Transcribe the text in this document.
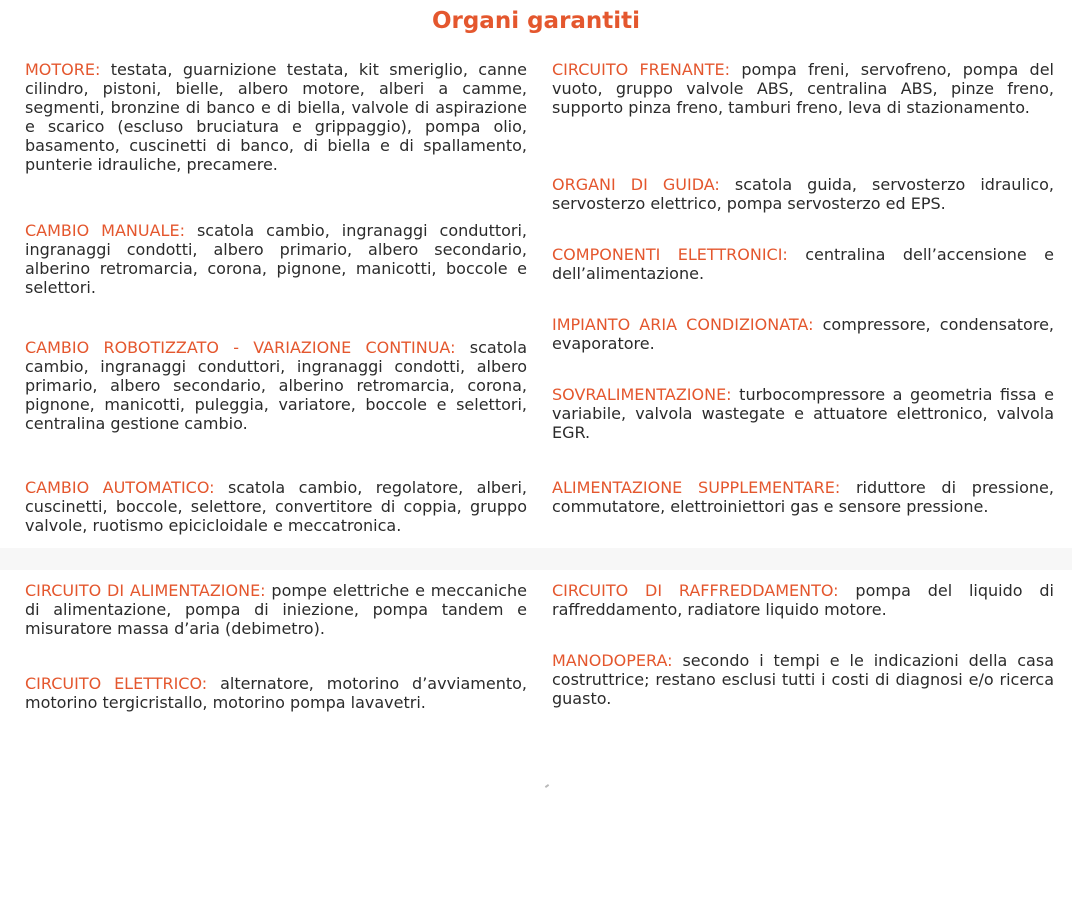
Organi garantiti
MOTORE: testata, guarnizione testata, kit smeriglio, canne cilindro, pistoni, bielle, albero motore, alberi a camme, segmenti, bronzine di banco e di biella, valvole di aspirazione e scarico (escluso bruciatura e grippaggio), pompa olio, basamento, cuscinetti di banco, di biella e di spallamento, punterie idrauliche, precamere.
CAMBIO MANUALE: scatola cambio, ingranaggi conduttori, ingranaggi condotti, albero primario, albero secondario, alberino retromarcia, corona, pignone, manicotti, boccole e selettori.
CAMBIO ROBOTIZZATO - VARIAZIONE CONTINUA: scatola cambio, ingranaggi conduttori, ingranaggi condotti, albero primario, albero secondario, alberino retromarcia, corona, pignone, manicotti, puleggia, variatore, boccole e selettori, centralina gestione cambio.
CAMBIO AUTOMATICO: scatola cambio, regolatore, alberi, cuscinetti, boccole, selettore, convertitore di coppia, gruppo valvole, ruotismo epicicloidale e meccatronica.
CIRCUITO DI ALIMENTAZIONE: pompe elettriche e meccaniche di alimentazione, pompa di iniezione, pompa tandem e misuratore massa d’aria (debimetro).
CIRCUITO ELETTRICO: alternatore, motorino d’avviamento, motorino tergicristallo, motorino pompa lavavetri.
CIRCUITO FRENANTE: pompa freni, servofreno, pompa del vuoto, gruppo valvole ABS, centralina ABS, pinze freno, supporto pinza freno, tamburi freno, leva di stazionamento.
ORGANI DI GUIDA: scatola guida, servosterzo idraulico, servosterzo elettrico, pompa servosterzo ed EPS.
COMPONENTI ELETTRONICI: centralina dell’accensione e dell’alimentazione.
IMPIANTO ARIA CONDIZIONATA: compressore, condensatore, evaporatore.
SOVRALIMENTAZIONE: turbocompressore a geometria fissa e variabile, valvola wastegate e attuatore elettronico, valvola EGR.
ALIMENTAZIONE SUPPLEMENTARE: riduttore di pressione, commutatore, elettroiniettori gas e sensore pressione.
CIRCUITO DI RAFFREDDAMENTO: pompa del liquido di raffreddamento, radiatore liquido motore.
MANODOPERA: secondo i tempi e le indicazioni della casa costruttrice; restano esclusi tutti i costi di diagnosi e/o ricerca guasto.
